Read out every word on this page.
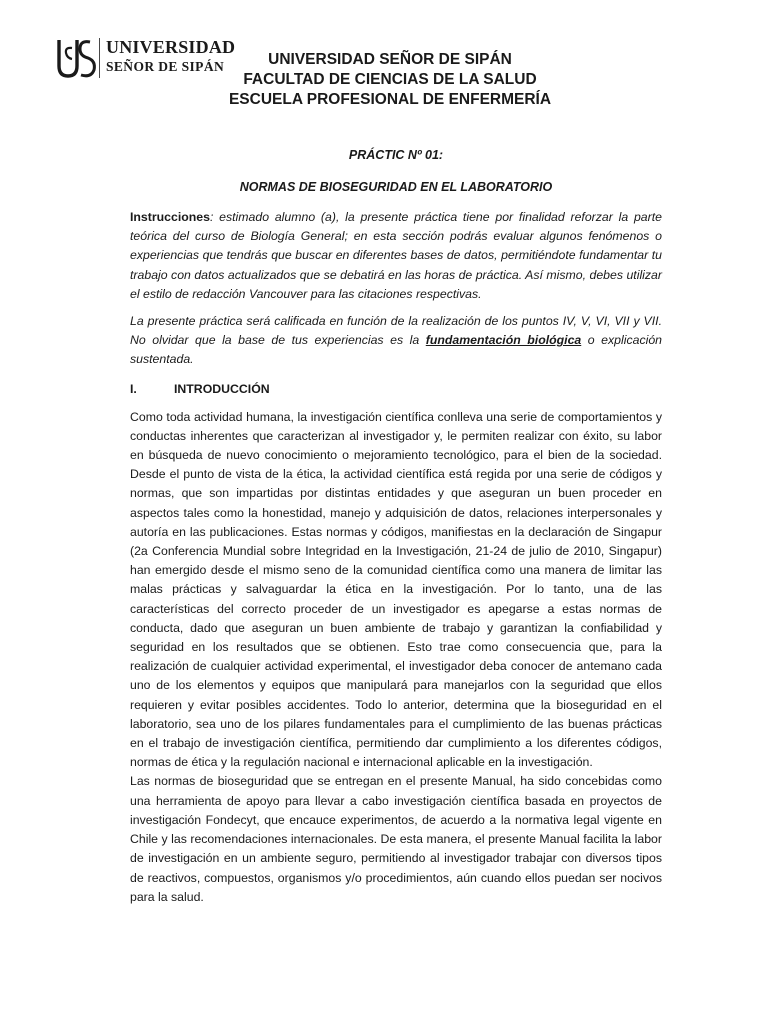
UNIVERSIDAD
SEÑOR DE SIPÁN	UNIVERSIDAD SEÑOR DE SIPÁN
FACULTAD DE CIENCIAS DE LA SALUD
ESCUELA PROFESIONAL DE ENFERMERÍA
PRÁCTIC Nº 01:
NORMAS DE BIOSEGURIDAD EN EL LABORATORIO

Instrucciones: estimado alumno (a), la presente práctica tiene por finalidad reforzar la parte teórica del curso de Biología General; en esta sección podrás evaluar algunos fenómenos o experiencias que tendrás que buscar en diferentes bases de datos, permitiéndote fundamentar tu trabajo con datos actualizados que se debatirá en las horas de práctica. Así mismo, debes utilizar el estilo de redacción Vancouver para las citaciones respectivas.

La presente práctica será calificada en función de la realización de los puntos IV, V, VI, VII y VII. No olvidar que la base de tus experiencias es la fundamentación biológica o explicación sustentada.

I.	INTRODUCCIÓN

Como toda actividad humana, la investigación científica conlleva una serie de comportamientos y conductas inherentes que caracterizan al investigador y, le permiten realizar con éxito, su labor en búsqueda de nuevo conocimiento o mejoramiento tecnológico, para el bien de la sociedad. Desde el punto de vista de la ética, la actividad científica está regida por una serie de códigos y normas, que son impartidas por distintas entidades y que aseguran un buen proceder en aspectos tales como la honestidad, manejo y adquisición de datos, relaciones interpersonales y autoría en las publicaciones. Estas normas y códigos, manifiestas en la declaración de Singapur (2a Conferencia Mundial sobre Integridad en la Investigación, 21-24 de julio de 2010, Singapur) han emergido desde el mismo seno de la comunidad científica como una manera de limitar las malas prácticas y salvaguardar la ética en la investigación. Por lo tanto, una de las características del correcto proceder de un investigador es apegarse a estas normas de conducta, dado que aseguran un buen ambiente de trabajo y garantizan la confiabilidad y seguridad en los resultados que se obtienen. Esto trae como consecuencia que, para la realización de cualquier actividad experimental, el investigador deba conocer de antemano cada uno de los elementos y equipos que manipulará para manejarlos con la seguridad que ellos requieren y evitar posibles accidentes. Todo lo anterior, determina que la bioseguridad en el laboratorio, sea uno de los pilares fundamentales para el cumplimiento de las buenas prácticas en el trabajo de investigación científica, permitiendo dar cumplimiento a los diferentes códigos, normas de ética y la regulación nacional e internacional aplicable en la investigación.

Las normas de bioseguridad que se entregan en el presente Manual, ha sido concebidas como una herramienta de apoyo para llevar a cabo investigación científica basada en proyectos de investigación Fondecyt, que encauce experimentos, de acuerdo a la normativa legal vigente en Chile y las recomendaciones internacionales. De esta manera, el presente Manual facilita la labor de investigación en un ambiente seguro, permitiendo al investigador trabajar con diversos tipos de reactivos, compuestos, organismos y/o procedimientos, aún cuando ellos puedan ser nocivos para la salud.
